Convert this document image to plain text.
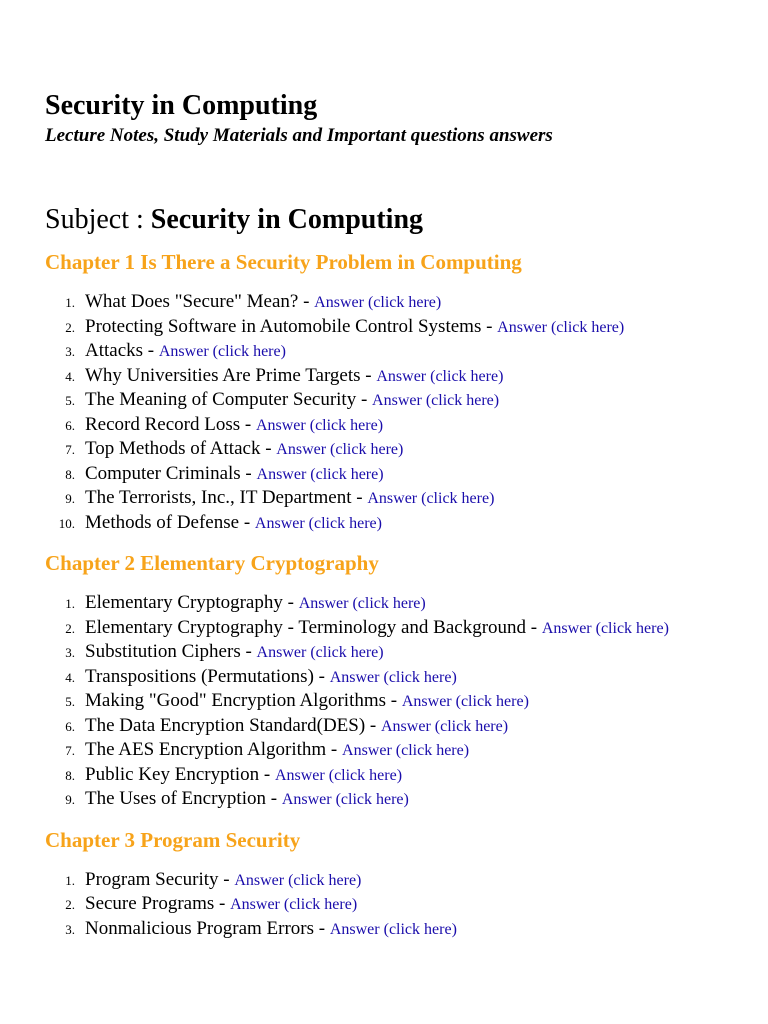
Security in Computing

Lecture Notes, Study Materials and Important questions answers

Subject : Security in Computing

Chapter 1 Is There a Security Problem in Computing
1. What Does "Secure" Mean? - Answer (click here)
2. Protecting Software in Automobile Control Systems - Answer (click here)
3. Attacks - Answer (click here)
4. Why Universities Are Prime Targets - Answer (click here)
5. The Meaning of Computer Security - Answer (click here)
6. Record Record Loss - Answer (click here)
7. Top Methods of Attack - Answer (click here)
8. Computer Criminals - Answer (click here)
9. The Terrorists, Inc., IT Department - Answer (click here)
10. Methods of Defense - Answer (click here)
Chapter 2 Elementary Cryptography
1. Elementary Cryptography - Answer (click here)
2. Elementary Cryptography - Terminology and Background - Answer (click here)
3. Substitution Ciphers - Answer (click here)
4. Transpositions (Permutations) - Answer (click here)
5. Making "Good" Encryption Algorithms - Answer (click here)
6. The Data Encryption Standard(DES) - Answer (click here)
7. The AES Encryption Algorithm - Answer (click here)
8. Public Key Encryption - Answer (click here)
9. The Uses of Encryption - Answer (click here)
Chapter 3 Program Security
1. Program Security - Answer (click here)
2. Secure Programs - Answer (click here)
3. Nonmalicious Program Errors - Answer (click here)
